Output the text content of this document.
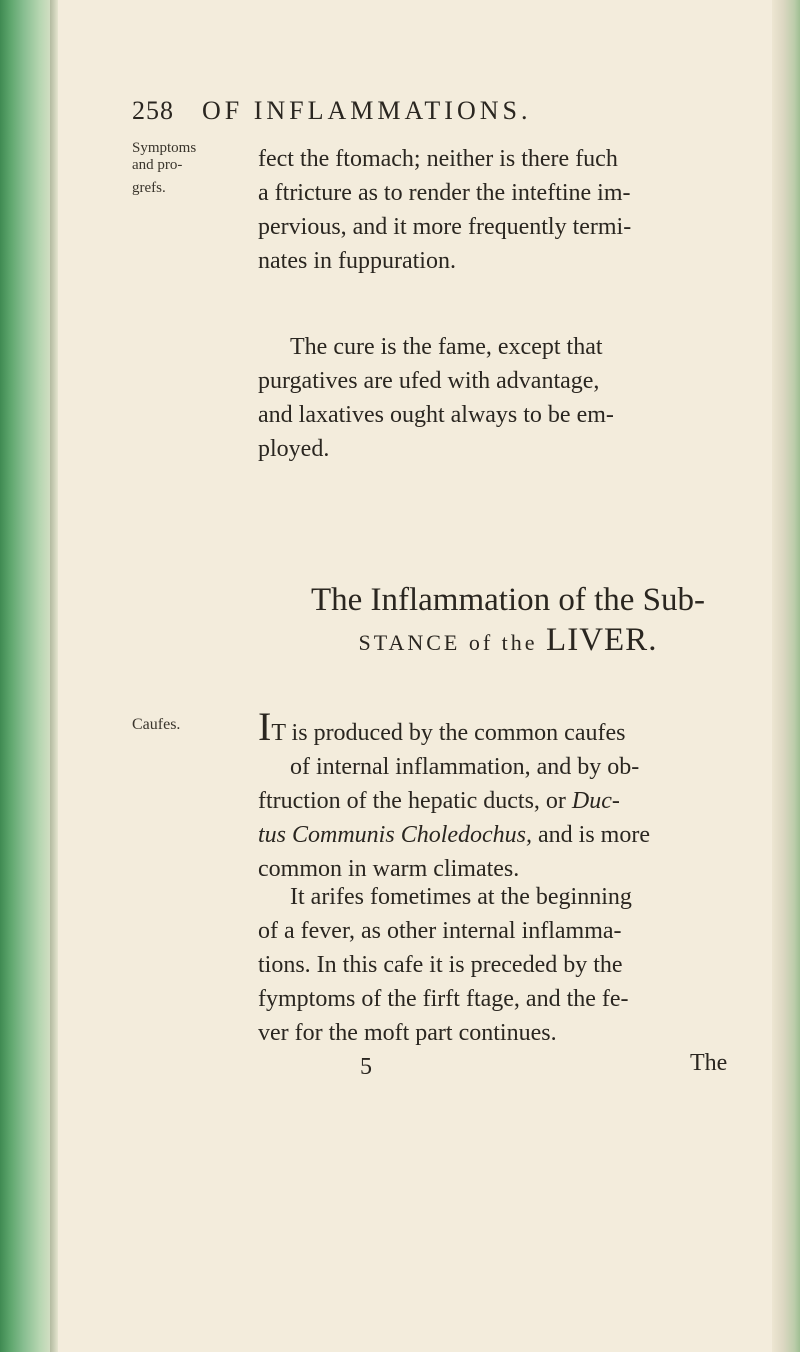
258 OF INFLAMMATIONS.
Symptoms
and pro-
grefs.
fect the ftomach; neither is there fuch
a ftricture as to render the inteftine im-
pervious, and it more frequently termi-
nates in fuppuration.
The cure is the fame, except that
purgatives are ufed with advantage,
and laxatives ought always to be em-
ployed.
The Inflammation of the Sub-
STANCE of the LIVER.
Caufes. IT is produced by the common caufes
of internal inflammation, and by ob-
ftruction of the hepatic ducts, or Duc-
tus Communis Choledochus, and is more
common in warm climates.
It arifes fometimes at the beginning
of a fever, as other internal inflamma-
tions. In this cafe it is preceded by the
fymptoms of the firft ftage, and the fe-
ver for the moft part continues.
5	The
